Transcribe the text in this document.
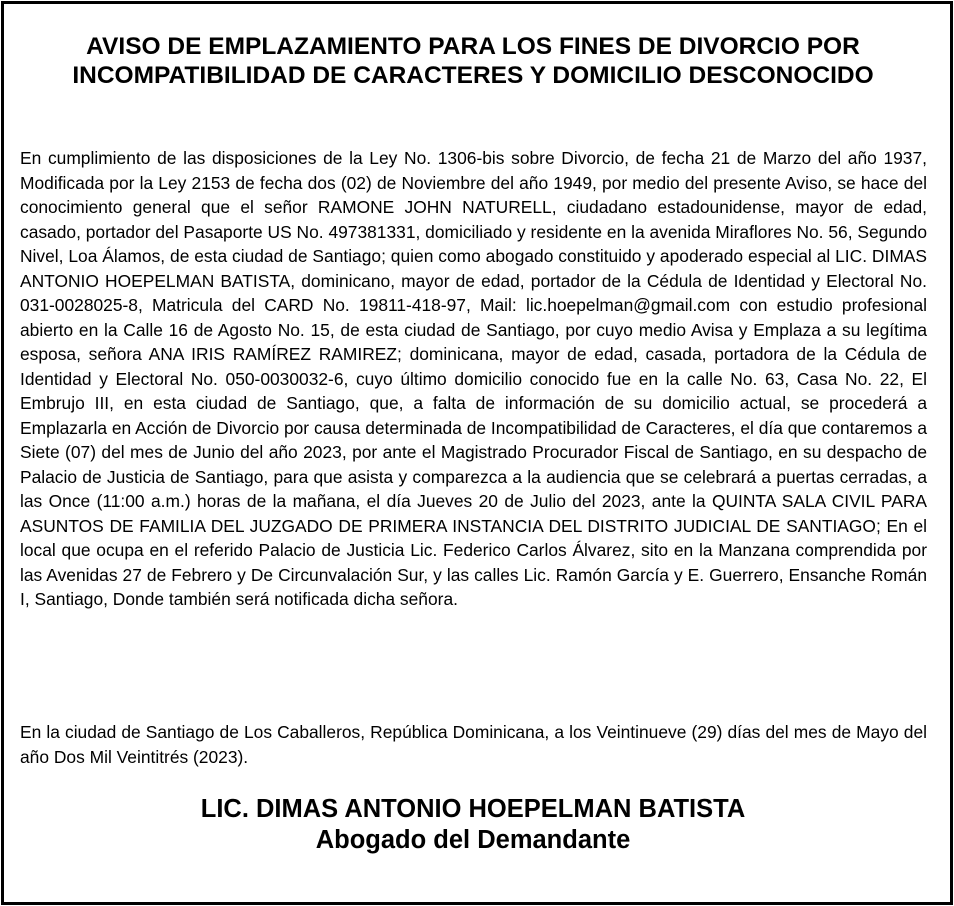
AVISO DE EMPLAZAMIENTO PARA LOS FINES DE DIVORCIO POR INCOMPATIBILIDAD DE CARACTERES Y DOMICILIO DESCONOCIDO

En cumplimiento de las disposiciones de la Ley No. 1306-bis sobre Divorcio, de fecha 21 de Marzo del año 1937, Modificada por la Ley 2153 de fecha dos (02) de Noviembre del año 1949, por medio del presente Aviso, se hace del conocimiento general que el señor RAMONE JOHN NATURELL, ciudadano estadounidense, mayor de edad, casado, portador del Pasaporte US No. 497381331, domiciliado y residente en la avenida Miraflores No. 56, Segundo Nivel, Loa Álamos, de esta ciudad de Santiago; quien como abogado constituido y apoderado especial al LIC. DIMAS ANTONIO HOEPELMAN BATISTA, dominicano, mayor de edad, portador de la Cédula de Identidad y Electoral No. 031-0028025-8, Matricula del CARD No. 19811-418-97, Mail: lic.hoepelman@gmail.com con estudio profesional abierto en la Calle 16 de Agosto No. 15, de esta ciudad de Santiago, por cuyo medio Avisa y Emplaza a su legítima esposa, señora ANA IRIS RAMÍREZ RAMIREZ; dominicana, mayor de edad, casada, portadora de la Cédula de Identidad y Electoral No. 050-0030032-6, cuyo último domicilio conocido fue en la calle No. 63, Casa No. 22, El Embrujo III, en esta ciudad de Santiago, que, a falta de información de su domicilio actual, se procederá a Emplazarla en Acción de Divorcio por causa determinada de Incompatibilidad de Caracteres, el día que contaremos a Siete (07) del mes de Junio del año 2023, por ante el Magistrado Procurador Fiscal de Santiago, en su despacho de Palacio de Justicia de Santiago, para que asista y comparezca a la audiencia que se celebrará a puertas cerradas, a las Once (11:00 a.m.) horas de la mañana, el día Jueves 20 de Julio del 2023, ante la QUINTA SALA CIVIL PARA ASUNTOS DE FAMILIA DEL JUZGADO DE PRIMERA INSTANCIA DEL DISTRITO JUDICIAL DE SANTIAGO; En el local que ocupa en el referido Palacio de Justicia Lic. Federico Carlos Álvarez, sito en la Manzana comprendida por las Avenidas 27 de Febrero y De Circunvalación Sur, y las calles Lic. Ramón García y E. Guerrero, Ensanche Román I, Santiago, Donde también será notificada dicha señora.

En la ciudad de Santiago de Los Caballeros, República Dominicana, a los Veintinueve (29) días del mes de Mayo del año Dos Mil Veintitrés (2023).

LIC. DIMAS ANTONIO HOEPELMAN BATISTA
Abogado del Demandante
